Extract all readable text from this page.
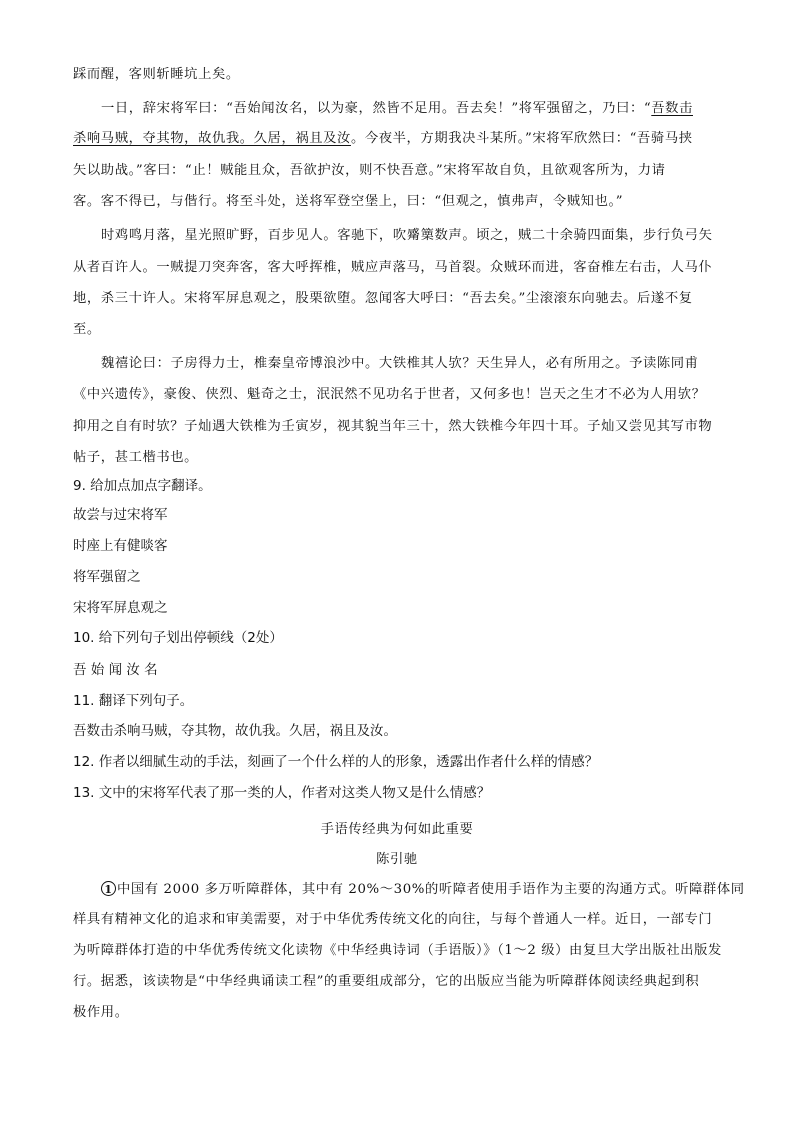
踩而醒，客则斩睡坑上矣。
一日，辞宋将军曰：“吾始闻汝名，以为豪，然皆不足用。吾去矣！”将军强留之，乃曰：“吾数击
杀响马贼，夺其物，故仇我。久居，祸且及汝。今夜半，方期我决斗某所。”宋将军欣然曰：“吾骑马挟
矢以助战。”客曰：“止！贼能且众，吾欲护汝，则不快吾意。”宋将军故自负，且欲观客所为，力请
客。客不得已，与偕行。将至斗处，送将军登空堡上，曰：“但观之，慎弗声，令贼知也。”
时鸡鸣月落，星光照旷野，百步见人。客驰下，吹觱篥数声。顷之，贼二十余骑四面集，步行负弓矢
从者百许人。一贼提刀突奔客，客大呼挥椎，贼应声落马，马首裂。众贼环而进，客奋椎左右击，人马仆
地，杀三十许人。宋将军屏息观之，股栗欲堕。忽闻客大呼曰：“吾去矣。”尘滚滚东向驰去。后遂不复
至。
魏禧论曰：子房得力士，椎秦皇帝博浪沙中。大铁椎其人欤？天生异人，必有所用之。予读陈同甫
《中兴遗传》，豪俊、侠烈、魁奇之士，泯泯然不见功名于世者，又何多也！岂天之生才不必为人用欤？
抑用之自有时欤？子灿遇大铁椎为壬寅岁，视其貌当年三十，然大铁椎今年四十耳。子灿又尝见其写市物
帖子，甚工楷书也。
9. 给加点加点字翻译。
故尝与过宋将军
时座上有健啖客
将军强留之
宋将军屏息观之
10. 给下列句子划出停顿线（2处）
吾 始 闻 汝 名
11. 翻译下列句子。
吾数击杀响马贼，夺其物，故仇我。久居，祸且及汝。
12. 作者以细腻生动的手法，刻画了一个什么样的人的形象，透露出作者什么样的情感？
13. 文中的宋将军代表了那一类的人，作者对这类人物又是什么情感？
手语传经典为何如此重要
陈引驰
1 中国有 2000 多万听障群体，其中有 20%～30%的听障者使用手语作为主要的沟通方式。听障群体同
样具有精神文化的追求和审美需要，对于中华优秀传统文化的向往，与每个普通人一样。近日，一部专门
为听障群体打造的中华优秀传统文化读物《中华经典诗词（手语版）》（1～2 级）由复旦大学出版社出版发
行。据悉，该读物是“中华经典诵读工程”的重要组成部分，它的出版应当能为听障群体阅读经典起到积
极作用。
